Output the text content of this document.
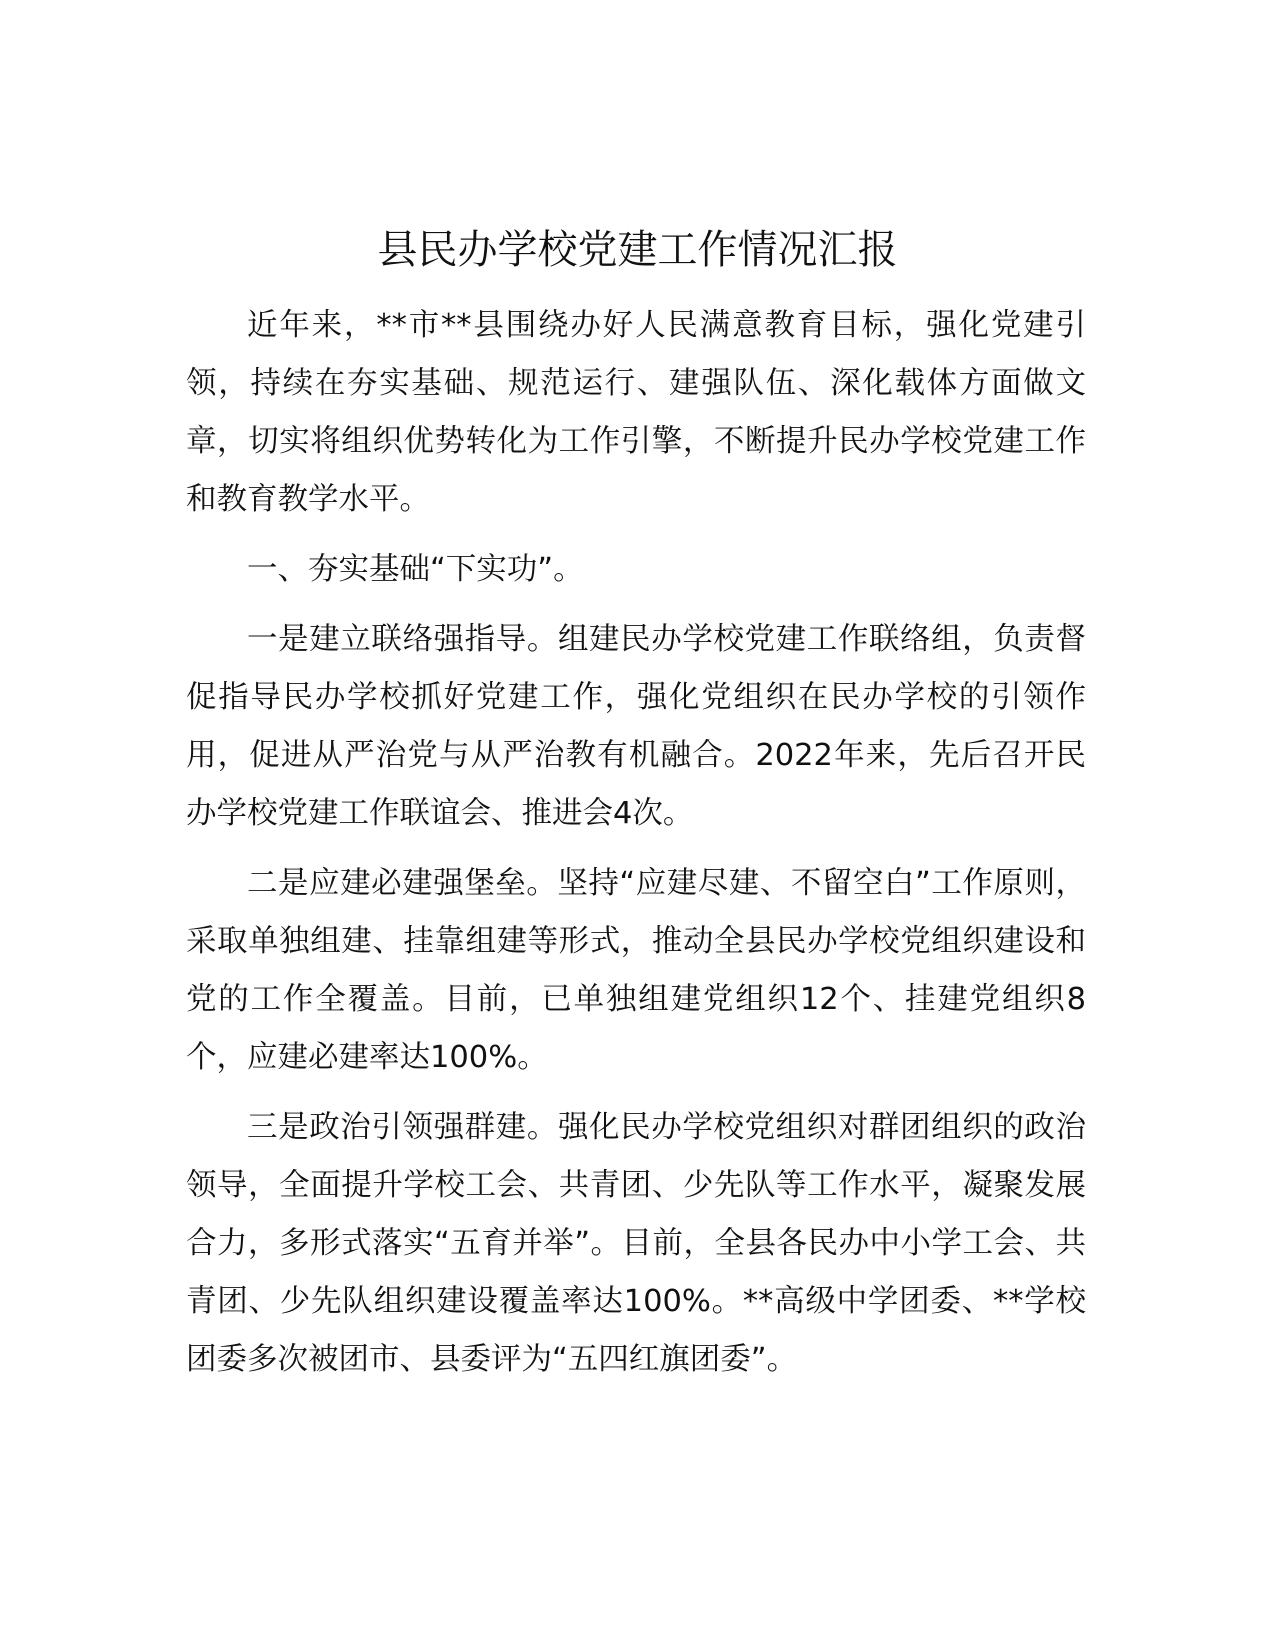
县民办学校党建工作情况汇报

近年来，**市**县围绕办好人民满意教育目标，强化党建引领，持续在夯实基础、规范运行、建强队伍、深化载体方面做文章，切实将组织优势转化为工作引擎，不断提升民办学校党建工作和教育教学水平。

一、夯实基础“下实功”。

一是建立联络强指导。组建民办学校党建工作联络组，负责督促指导民办学校抓好党建工作，强化党组织在民办学校的引领作用，促进从严治党与从严治教有机融合。2022年来，先后召开民办学校党建工作联谊会、推进会4次。

二是应建必建强堡垒。坚持“应建尽建、不留空白”工作原则，采取单独组建、挂靠组建等形式，推动全县民办学校党组织建设和党的工作全覆盖。目前，已单独组建党组织12个、挂建党组织8个，应建必建率达100%。

三是政治引领强群建。强化民办学校党组织对群团组织的政治领导，全面提升学校工会、共青团、少先队等工作水平，凝聚发展合力，多形式落实“五育并举”。目前，全县各民办中小学工会、共青团、少先队组织建设覆盖率达100%。**高级中学团委、**学校团委多次被团市、县委评为“五四红旗团委”。
